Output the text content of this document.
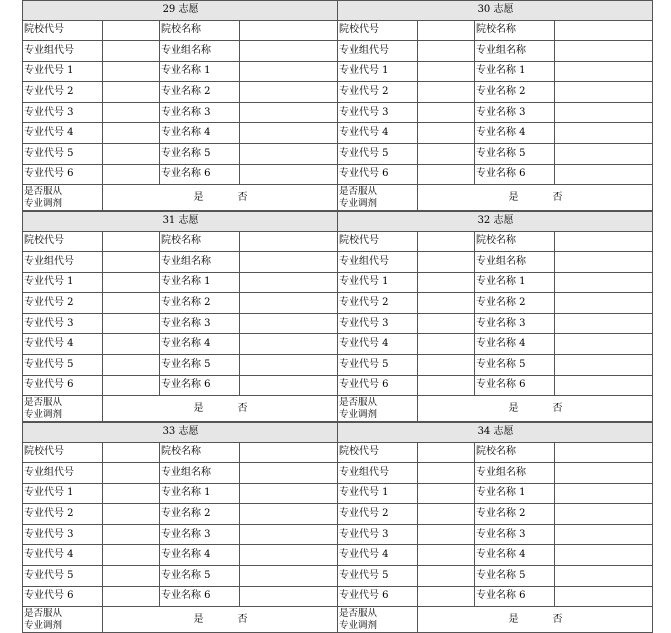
29 志愿			
院校代号		院校名称	
专业组代号		专业组名称	
专业代号 1		专业名称 1	
专业代号 2		专业名称 2	
专业代号 3		专业名称 3	
专业代号 4		专业名称 4	
专业代号 5		专业名称 5	
专业代号 6		专业名称 6	
是否服从
专业调剂	是 否		
30 志愿			
院校代号		院校名称	
专业组代号		专业组名称	
专业代号 1		专业名称 1	
专业代号 2		专业名称 2	
专业代号 3		专业名称 3	
专业代号 4		专业名称 4	
专业代号 5		专业名称 5	
专业代号 6		专业名称 6	
是否服从
专业调剂	是 否		
31 志愿			
院校代号		院校名称	
专业组代号		专业组名称	
专业代号 1		专业名称 1	
专业代号 2		专业名称 2	
专业代号 3		专业名称 3	
专业代号 4		专业名称 4	
专业代号 5		专业名称 5	
专业代号 6		专业名称 6	
是否服从
专业调剂	是 否		
32 志愿			
院校代号		院校名称	
专业组代号		专业组名称	
专业代号 1		专业名称 1	
专业代号 2		专业名称 2	
专业代号 3		专业名称 3	
专业代号 4		专业名称 4	
专业代号 5		专业名称 5	
专业代号 6		专业名称 6	
是否服从
专业调剂	是 否		
33 志愿			
院校代号		院校名称	
专业组代号		专业组名称	
专业代号 1		专业名称 1	
专业代号 2		专业名称 2	
专业代号 3		专业名称 3	
专业代号 4		专业名称 4	
专业代号 5		专业名称 5	
专业代号 6		专业名称 6	
是否服从
专业调剂	是 否		
34 志愿			
院校代号		院校名称	
专业组代号		专业组名称	
专业代号 1		专业名称 1	
专业代号 2		专业名称 2	
专业代号 3		专业名称 3	
专业代号 4		专业名称 4	
专业代号 5		专业名称 5	
专业代号 6		专业名称 6	
是否服从
专业调剂	是 否		
